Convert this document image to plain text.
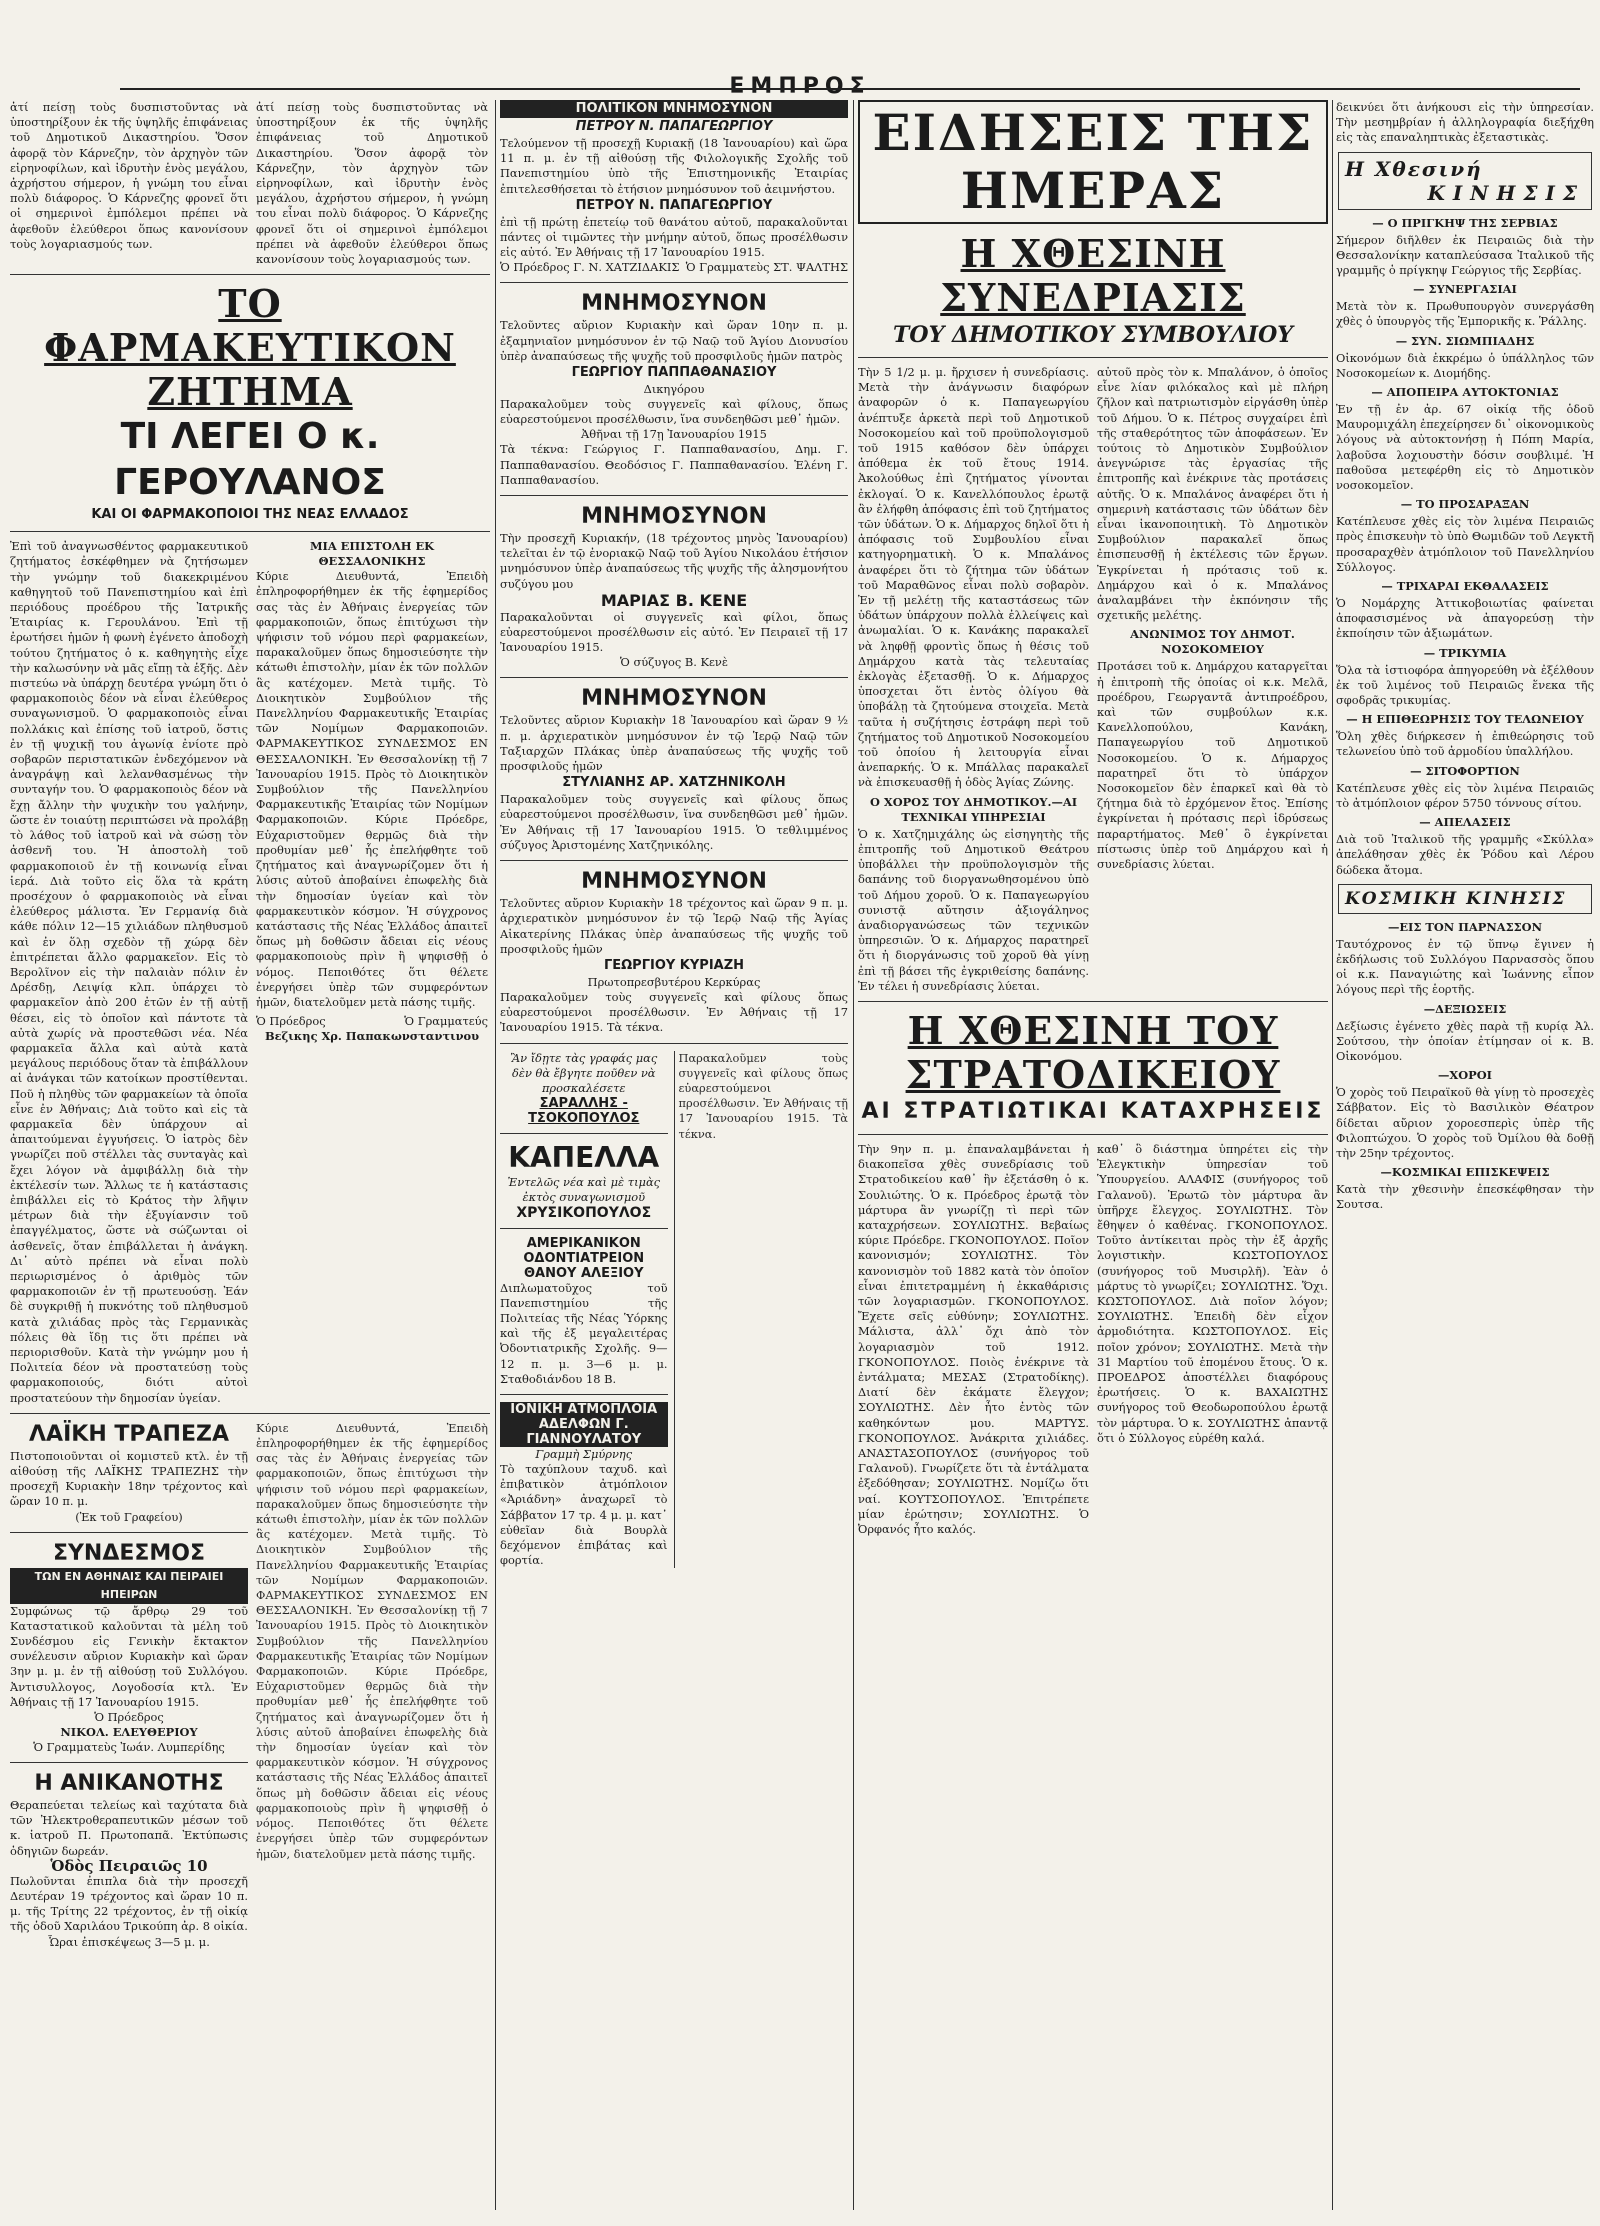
ΕΜΠΡΟΣ

ἀτί πείσῃ τοὺς δυσπιστοῦντας νὰ ὑποστηρίξουν ἐκ τῆς ὑψηλῆς ἐπιφάνειας τοῦ Δημοτικοῦ Δικαστηρίου. Ὅσον ἀφορᾷ τὸν Κάρνεζην, τὸν ἀρχηγὸν τῶν εἰρηνοφίλων, καὶ ἰδρυτὴν ἑνὸς μεγάλου, ἀχρήστου σήμερον, ἡ γνώμη του εἶναι πολὺ διάφορος. Ὁ Κάρνεζης φρονεῖ ὅτι οἱ σημερινοὶ ἐμπόλεμοι πρέπει νὰ ἀφεθοῦν ἐλεύθεροι ὅπως κανονίσουν τοὺς λογαριασμούς των.

ἀτί πείσῃ τοὺς δυσπιστοῦντας νὰ ὑποστηρίξουν ἐκ τῆς ὑψηλῆς ἐπιφάνειας τοῦ Δημοτικοῦ Δικαστηρίου. Ὅσον ἀφορᾷ τὸν Κάρνεζην, τὸν ἀρχηγὸν τῶν εἰρηνοφίλων, καὶ ἰδρυτὴν ἑνὸς μεγάλου, ἀχρήστου σήμερον, ἡ γνώμη του εἶναι πολὺ διάφορος. Ὁ Κάρνεζης φρονεῖ ὅτι οἱ σημερινοὶ ἐμπόλεμοι πρέπει νὰ ἀφεθοῦν ἐλεύθεροι ὅπως κανονίσουν τοὺς λογαριασμούς των.

ΤΟ ΦΑΡΜΑΚΕΥΤΙΚΟΝ ΖΗΤΗΜΑ
ΤΙ ΛΕΓΕΙ Ο κ. ΓΕΡΟΥΛΑΝΟΣ
ΚΑΙ ΟΙ ΦΑΡΜΑΚΟΠΟΙΟΙ ΤΗΣ ΝΕΑΣ ΕΛΛΑΔΟΣ

Ἐπὶ τοῦ ἀναγνωσθέντος φαρμακευτικοῦ ζητήματος ἐσκέφθημεν νὰ ζητήσωμεν τὴν γνώμην τοῦ διακεκριμένου καθηγητοῦ τοῦ Πανεπιστημίου καὶ ἐπὶ περιόδους προέδρου τῆς Ἰατρικῆς Ἑταιρίας κ. Γερουλάνου. Ἐπὶ τῇ ἐρωτήσει ἡμῶν ἡ φωνὴ ἐγένετο ἀποδοχὴ τούτου ζητήματος ὁ κ. καθηγητὴς εἶχε τὴν καλωσύνην νὰ μᾶς εἴπῃ τὰ ἑξῆς. Δὲν πιστεύω νὰ ὑπάρχῃ δευτέρα γνώμη ὅτι ὁ φαρμακοποιὸς δέον νὰ εἶναι ἐλεύθερος συναγωνισμοῦ. Ὁ φαρμακοποιὸς εἶναι πολλάκις καὶ ἐπίσης τοῦ ἰατροῦ, ὅστις ἐν τῇ ψυχικῇ του ἀγωνίᾳ ἐνίοτε πρὸ σοβαρῶν περιστατικῶν ἐνδεχόμενον νὰ ἀναγράψῃ καὶ λελανθασμένως τὴν συνταγήν του. Ὁ φαρμακοποιὸς δέον νὰ ἔχῃ ἄλλην τὴν ψυχικὴν του γαλήνην, ὥστε ἐν τοιαύτῃ περιπτώσει νὰ προλάβῃ τὸ λάθος τοῦ ἰατροῦ καὶ νὰ σώσῃ τὸν ἀσθενῆ του. Ἡ ἀποστολὴ τοῦ φαρμακοποιοῦ ἐν τῇ κοινωνίᾳ εἶναι ἱερά. Διὰ τοῦτο εἰς ὅλα τὰ κράτη προσέχουν ὁ φαρμακοποιὸς νὰ εἶναι ἐλεύθερος μάλιστα. Ἐν Γερμανίᾳ διὰ κάθε πόλιν 12—15 χιλιάδων πληθυσμοῦ καὶ ἐν ὅλῃ σχεδὸν τῇ χώρᾳ δὲν ἐπιτρέπεται ἄλλο φαρμακεῖον. Εἰς τὸ Βερολῖνον εἰς τὴν παλαιὰν πόλιν ἐν Δρέσδῃ, Λειψίᾳ κλπ. ὑπάρχει τὸ φαρμακεῖον ἀπὸ 200 ἐτῶν ἐν τῇ αὐτῇ θέσει, εἰς τὸ ὁποῖον καὶ πάντοτε τὰ αὐτὰ χωρίς νὰ προστεθῶσι νέα. Νέα φαρμακεῖα ἄλλα καὶ αὐτὰ κατὰ μεγάλους περιόδους ὅταν τὰ ἐπιβάλλουν αἱ ἀνάγκαι τῶν κατοίκων προστίθενται. Ποῦ ἡ πληθὺς τῶν φαρμακείων τὰ ὁποῖα εἶνε ἐν Ἀθήναις; Διὰ τοῦτο καὶ εἰς τὰ φαρμακεῖα δὲν ὑπάρχουν αἱ ἀπαιτούμεναι ἐγγυήσεις. Ὁ ἰατρὸς δὲν γνωρίζει ποῦ στέλλει τὰς συνταγὰς καὶ ἔχει λόγον νὰ ἀμφιβάλλῃ διὰ τὴν ἐκτέλεσίν των. Ἄλλως τε ἡ κατάστασις ἐπιβάλλει εἰς τὸ Κράτος τὴν λῆψιν μέτρων διὰ τὴν ἐξυγίανσιν τοῦ ἐπαγγέλματος, ὥστε νὰ σώζωνται οἱ ἀσθενεῖς, ὅταν ἐπιβάλλεται ἡ ἀνάγκη. Δι᾽ αὐτὸ πρέπει νὰ εἶναι πολὺ περιωρισμένος ὁ ἀριθμὸς τῶν φαρμακοποιῶν ἐν τῇ πρωτευούσῃ. Ἐάν δὲ συγκριθῇ ἡ πυκνότης τοῦ πληθυσμοῦ κατὰ χιλιάδας πρὸς τὰς Γερμανικὰς πόλεις θὰ ἴδῃ τις ὅτι πρέπει νὰ περιορισθοῦν. Κατὰ τὴν γνώμην μου ἡ Πολιτεία δέον νὰ προστατεύσῃ τοὺς φαρμακοποιούς, διότι αὐτοὶ προστατεύουν τὴν δημοσίαν ὑγείαν.

ΜΙΑ ΕΠΙΣΤΟΛΗ ΕΚ ΘΕΣΣΑΛΟΝΙΚΗΣ

Κύριε Διευθυντά, Ἐπειδὴ ἐπληροφορήθημεν ἐκ τῆς ἐφημερίδος σας τὰς ἐν Ἀθήναις ἐνεργείας τῶν φαρμακοποιῶν, ὅπως ἐπιτύχωσι τὴν ψήφισιν τοῦ νόμου περὶ φαρμακείων, παρακαλοῦμεν ὅπως δημοσιεύσητε τὴν κάτωθι ἐπιστολὴν, μίαν ἐκ τῶν πολλῶν ἃς κατέχομεν. Μετὰ τιμῆς. Τὸ Διοικητικὸν Συμβούλιον τῆς Πανελληνίου Φαρμακευτικῆς Ἑταιρίας τῶν Νομίμων Φαρμακοποιῶν. ΦΑΡΜΑΚΕΥΤΙΚΟΣ ΣΥΝΔΕΣΜΟΣ ΕΝ ΘΕΣΣΑΛΟΝΙΚΗ. Ἐν Θεσσαλονίκῃ τῇ 7 Ἰανουαρίου 1915. Πρὸς τὸ Διοικητικὸν Συμβούλιον τῆς Πανελληνίου Φαρμακευτικῆς Ἑταιρίας τῶν Νομίμων Φαρμακοποιῶν. Κύριε Πρόεδρε, Εὐχαριστοῦμεν θερμῶς διὰ τὴν προθυμίαν μεθ᾽ ἧς ἐπελήφθητε τοῦ ζητήματος καὶ ἀναγνωρίζομεν ὅτι ἡ λύσις αὐτοῦ ἀποβαίνει ἐπωφελὴς διὰ τὴν δημοσίαν ὑγείαν καὶ τὸν φαρμακευτικὸν κόσμον. Ἡ σύγχρονος κατάστασις τῆς Νέας Ἑλλάδος ἀπαιτεῖ ὅπως μὴ δοθῶσιν ἄδειαι εἰς νέους φαρμακοποιοὺς πρὶν ἢ ψηφισθῇ ὁ νόμος. Πεποιθότες ὅτι θέλετε ἐνεργήσει ὑπὲρ τῶν συμφερόντων ἡμῶν, διατελοῦμεν μετὰ πάσης τιμῆς.

Ὁ Πρόεδρος	Ὁ Γραμματεύς

Βεζικης Χρ. Παπακωνσταντινου

ΛΑΪΚΗ ΤΡΑΠΕΖΑ

Πιστοποιοῦνται οἱ κομιστεῦ κτλ. ἐν τῇ αἰθούσῃ τῆς ΛΑΪΚΗΣ ΤΡΑΠΕΖΗΣ τὴν προσεχῆ Κυριακὴν 18ην τρέχοντος καὶ ὥραν 10 π. μ.

(Ἐκ τοῦ Γραφείου)

ΣΥΝΔΕΣΜΟΣ
ΤΩΝ ΕΝ ΑΘΗΝΑΙΣ ΚΑΙ ΠΕΙΡΑΙΕΙ ΗΠΕΙΡΩΝ

Συμφώνως τῷ ἄρθρῳ 29 τοῦ Καταστατικοῦ καλοῦνται τὰ μέλη τοῦ Συνδέσμου εἰς Γενικὴν ἔκτακτον συνέλευσιν αὔριον Κυριακὴν καὶ ὥραν 3ην μ. μ. ἐν τῇ αἰθούσῃ τοῦ Συλλόγου. Ἀντισυλλογος, Λογοδοσία κτλ. Ἐν Ἀθήναις τῇ 17 Ἰανουαρίου 1915.

Ὁ Πρόεδρος

ΝΙΚΟΛ. ΕΛΕΥΘΕΡΙΟΥ

Ὁ Γραμματεὺς Ἰωάν. Λυμπερίδης

Η ΑΝΙΚΑΝΟΤΗΣ

Θεραπεύεται τελείως καὶ ταχύτατα διὰ τῶν Ἠλεκτροθεραπευτικῶν μέσων τοῦ κ. ἰατροῦ Π. Πρωτοπαπᾶ. Ἐκτύπωσις ὁδηγιῶν δωρεάν.

Ὁδὸς Πειραιῶς 10

Πωλοῦνται ἐπιπλα διὰ τὴν προσεχῆ Δευτέραν 19 τρέχοντος καὶ ὥραν 10 π. μ. τῆς Τρίτης 22 τρέχοντος, ἐν τῇ οἰκίᾳ τῆς ὁδοῦ Χαριλάου Τρικούπη ἀρ. 8 οἰκία.

Ὧραι ἐπισκέψεως 3—5 μ. μ.

Κύριε Διευθυντά, Ἐπειδὴ ἐπληροφορήθημεν ἐκ τῆς ἐφημερίδος σας τὰς ἐν Ἀθήναις ἐνεργείας τῶν φαρμακοποιῶν, ὅπως ἐπιτύχωσι τὴν ψήφισιν τοῦ νόμου περὶ φαρμακείων, παρακαλοῦμεν ὅπως δημοσιεύσητε τὴν κάτωθι ἐπιστολὴν, μίαν ἐκ τῶν πολλῶν ἃς κατέχομεν. Μετὰ τιμῆς. Τὸ Διοικητικὸν Συμβούλιον τῆς Πανελληνίου Φαρμακευτικῆς Ἑταιρίας τῶν Νομίμων Φαρμακοποιῶν. ΦΑΡΜΑΚΕΥΤΙΚΟΣ ΣΥΝΔΕΣΜΟΣ ΕΝ ΘΕΣΣΑΛΟΝΙΚΗ. Ἐν Θεσσαλονίκῃ τῇ 7 Ἰανουαρίου 1915. Πρὸς τὸ Διοικητικὸν Συμβούλιον τῆς Πανελληνίου Φαρμακευτικῆς Ἑταιρίας τῶν Νομίμων Φαρμακοποιῶν. Κύριε Πρόεδρε, Εὐχαριστοῦμεν θερμῶς διὰ τὴν προθυμίαν μεθ᾽ ἧς ἐπελήφθητε τοῦ ζητήματος καὶ ἀναγνωρίζομεν ὅτι ἡ λύσις αὐτοῦ ἀποβαίνει ἐπωφελὴς διὰ τὴν δημοσίαν ὑγείαν καὶ τὸν φαρμακευτικὸν κόσμον. Ἡ σύγχρονος κατάστασις τῆς Νέας Ἑλλάδος ἀπαιτεῖ ὅπως μὴ δοθῶσιν ἄδειαι εἰς νέους φαρμακοποιοὺς πρὶν ἢ ψηφισθῇ ὁ νόμος. Πεποιθότες ὅτι θέλετε ἐνεργήσει ὑπὲρ τῶν συμφερόντων ἡμῶν, διατελοῦμεν μετὰ πάσης τιμῆς.

ΠΟΛΙΤΙΚΟΝ ΜΝΗΜΟΣΥΝΟΝ
ΠΕΤΡΟΥ Ν. ΠΑΠΑΓΕΩΡΓΙΟΥ

Τελούμενον τῇ προσεχῇ Κυριακῇ (18 Ἰανουαρίου) καὶ ὥρα 11 π. μ. ἐν τῇ αἰθούσῃ τῆς Φιλολογικῆς Σχολῆς τοῦ Πανεπιστημίου ὑπὸ τῆς Ἐπιστημονικῆς Ἑταιρίας ἐπιτελεσθήσεται τὸ ἐτήσιον μνημόσυνον τοῦ ἀειμνήστου.

ΠΕΤΡΟΥ Ν. ΠΑΠΑΓΕΩΡΓΙΟΥ

ἐπὶ τῇ πρώτῃ ἐπετείῳ τοῦ θανάτου αὐτοῦ, παρακαλοῦνται πάντες οἱ τιμῶντες τὴν μνήμην αὐτοῦ, ὅπως προσέλθωσιν εἰς αὐτό. Ἐν Ἀθήναις τῇ 17 Ἰανουαρίου 1915.

Ὁ Πρόεδρος Γ. Ν. ΧΑΤΖΙΔΑΚΙΣ Ὁ Γραμματεὺς ΣΤ. ΨΑΛΤΗΣ
ΜΝΗΜΟΣΥΝΟΝ

Τελοῦντες αὔριον Κυριακὴν καὶ ὥραν 10ην π. μ. ἐξαμηνιαῖον μνημόσυνον ἐν τῷ Ναῷ τοῦ Ἁγίου Διονυσίου ὑπὲρ ἀναπαύσεως τῆς ψυχῆς τοῦ προσφιλοῦς ἡμῶν πατρὸς

ΓΕΩΡΓΙΟΥ ΠΑΠΠΑΘΑΝΑΣΙΟΥ

Δικηγόρου

Παρακαλοῦμεν τοὺς συγγενεῖς καὶ φίλους, ὅπως εὐαρεστούμενοι προσέλθωσιν, ἵνα συνδεηθῶσι μεθ᾽ ἡμῶν.

Ἀθῆναι τῇ 17ῃ Ἰανουαρίου 1915

Τὰ τέκνα: Γεώργιος Γ. Παππαθανασίου, Δημ. Γ. Παππαθανασίου. Θεοδόσιος Γ. Παππαθανασίου. Ἑλένη Γ. Παππαθανασίου.

ΜΝΗΜΟΣΥΝΟΝ

Τὴν προσεχῆ Κυριακήν, (18 τρέχοντος μηνὸς Ἰανουαρίου) τελεῖται ἐν τῷ ἐνοριακῷ Ναῷ τοῦ Ἁγίου Νικολάου ἐτήσιον μνημόσυνον ὑπὲρ ἀναπαύσεως τῆς ψυχῆς τῆς ἀλησμονήτου συζύγου μου

ΜΑΡΙΑΣ Β. ΚΕΝΕ

Παρακαλοῦνται οἱ συγγενεῖς καὶ φίλοι, ὅπως εὐαρεστούμενοι προσέλθωσιν εἰς αὐτό. Ἐν Πειραιεῖ τῇ 17 Ἰανουαρίου 1915.

Ὁ σύζυγος Β. Κενὲ

ΜΝΗΜΟΣΥΝΟΝ

Τελοῦντες αὔριον Κυριακὴν 18 Ἰανουαρίου καὶ ὥραν 9 ½ π. μ. ἀρχιερατικὸν μνημόσυνον ἐν τῷ Ἱερῷ Ναῷ τῶν Ταξιαρχῶν Πλάκας ὑπὲρ ἀναπαύσεως τῆς ψυχῆς τοῦ προσφιλοῦς ἡμῶν

ΣΤΥΛΙΑΝΗΣ ΑΡ. ΧΑΤΖΗΝΙΚΟΛΗ

Παρακαλοῦμεν τοὺς συγγενεῖς καὶ φίλους ὅπως εὐαρεστούμενοι προσέλθωσιν, ἵνα συνδεηθῶσι μεθ᾽ ἡμῶν. Ἐν Ἀθήναις τῇ 17 Ἰανουαρίου 1915. Ὁ τεθλιμμένος σύζυγος Ἀριστομένης Χατζηνικόλης.

ΜΝΗΜΟΣΥΝΟΝ

Τελοῦντες αὔριον Κυριακὴν 18 τρέχοντος καὶ ὥραν 9 π. μ. ἀρχιερατικὸν μνημόσυνον ἐν τῷ Ἱερῷ Ναῷ τῆς Ἁγίας Αἰκατερίνης Πλάκας ὑπὲρ ἀναπαύσεως τῆς ψυχῆς τοῦ προσφιλοῦς ἡμῶν

ΓΕΩΡΓΙΟΥ ΚΥΡΙΑΖΗ

Πρωτοπρεσβυτέρου Κερκύρας

Παρακαλοῦμεν τοὺς συγγενεῖς καὶ φίλους ὅπως εὐαρεστούμενοι προσέλθωσιν. Ἐν Ἀθήναις τῇ 17 Ἰανουαρίου 1915. Τὰ τέκνα.

Ἂν ἴδῃτε τὰς γραφάς μας δὲν θὰ ἔβγητε ποῦθεν νὰ προσκαλέσετε

ΣΑΡΑΛΛΗΣ - ΤΣΟΚΟΠΟΥΛΟΣ
ΚΑΠΕΛΛΑ

Ἐντελῶς νέα καὶ μὲ τιμὰς ἐκτὸς συναγωνισμοῦ

ΧΡΥΣΙΚΟΠΟΥΛΟΣ
ΑΜΕΡΙΚΑΝΙΚΟΝ ΟΔΟΝΤΙΑΤΡΕΙΟΝ ΘΑΝΟΥ ΑΛΕΞΙΟΥ

Διπλωματοῦχος τοῦ Πανεπιστημίου τῆς Πολιτείας τῆς Νέας Ὑόρκης καὶ τῆς ἐξ μεγαλειτέρας Ὀδοντιατρικῆς Σχολῆς. 9—12 π. μ. 3—6 μ. μ. Σταθοδιάνδου 18 Β.

ΙΟΝΙΚΗ ΑΤΜΟΠΛΟΪΑ ΑΔΕΛΦΩΝ Γ. ΓΙΑΝΝΟΥΛΑΤΟΥ

Γραμμὴ Σμύρνης

Τὸ ταχύπλουν ταχυδ. καὶ ἐπιβατικὸν ἀτμόπλοιον «Ἀριάδνη» ἀναχωρεῖ τὸ Σάββατον 17 τρ. 4 μ. μ. κατ᾽ εὐθεῖαν διὰ Βουρλὰ δεχόμενον ἐπιβάτας καὶ φορτία.

Παρακαλοῦμεν τοὺς συγγενεῖς καὶ φίλους ὅπως εὐαρεστούμενοι προσέλθωσιν. Ἐν Ἀθήναις τῇ 17 Ἰανουαρίου 1915. Τὰ τέκνα.

ΕΙΔΗΣΕΙΣ ΤΗΣ ΗΜΕΡΑΣ
Η ΧΘΕΣΙΝΗ ΣΥΝΕΔΡΙΑΣΙΣ
ΤΟΥ ΔΗΜΟΤΙΚΟΥ ΣΥΜΒΟΥΛΙΟΥ

Τὴν 5 1/2 μ. μ. ἤρχισεν ἡ συνεδρίασις. Μετὰ τὴν ἀνάγνωσιν διαφόρων ἀναφορῶν ὁ κ. Παπαγεωργίου ἀνέπτυξε ἀρκετὰ περὶ τοῦ Δημοτικοῦ Νοσοκομείου καὶ τοῦ προϋπολογισμοῦ τοῦ 1915 καθόσον δὲν ὑπάρχει ἀπόθεμα ἐκ τοῦ ἔτους 1914. Ἀκολούθως ἐπὶ ζητήματος γίνονται ἐκλογαί. Ὁ κ. Κανελλόπουλος ἐρωτᾷ ἂν ἐλήφθη ἀπόφασις ἐπὶ τοῦ ζητήματος τῶν ὑδάτων. Ὁ κ. Δήμαρχος δηλοῖ ὅτι ἡ ἀπόφασις τοῦ Συμβουλίου εἶναι κατηγορηματικὴ. Ὁ κ. Μπαλάνος ἀναφέρει ὅτι τὸ ζήτημα τῶν ὑδάτων τοῦ Μαραθῶνος εἶναι πολὺ σοβαρὸν. Ἐν τῇ μελέτῃ τῆς καταστάσεως τῶν ὑδάτων ὑπάρχουν πολλὰ ἐλλείψεις καὶ ἀνωμαλίαι. Ὁ κ. Κανάκης παρακαλεῖ νὰ ληφθῇ φροντὶς ὅπως ἡ θέσις τοῦ Δημάρχου κατὰ τὰς τελευταίας ἐκλογὰς ἐξετασθῇ. Ὁ κ. Δήμαρχος ὑποσχεται ὅτι ἐντὸς ὀλίγου θὰ ὑποβάλῃ τὰ ζητούμενα στοιχεῖα. Μετὰ ταῦτα ἡ συζήτησις ἐστράφη περὶ τοῦ ζητήματος τοῦ Δημοτικοῦ Νοσοκομείου τοῦ ὁποίου ἡ λειτουργία εἶναι ἀνεπαρκής. Ὁ κ. Μπάλλας παρακαλεῖ νὰ ἐπισκευασθῇ ἡ ὁδὸς Ἁγίας Ζώνης.

Ο ΧΟΡΟΣ ΤΟΥ ΔΗΜΟΤΙΚΟΥ.—ΑΙ ΤΕΧΝΙΚΑΙ ΥΠΗΡΕΣΙΑΙ

Ὁ κ. Χατζημιχάλης ὡς εἰσηγητὴς τῆς ἐπιτροπῆς τοῦ Δημοτικοῦ Θεάτρου ὑποβάλλει τὴν προϋπολογισμὸν τῆς δαπάνης τοῦ διοργανωθησομένου ὑπὸ τοῦ Δήμου χοροῦ. Ὁ κ. Παπαγεωργίου συνιστᾷ αὔτησιν ἀξιογάληνος ἀναδιοργανώσεως τῶν τεχνικῶν ὑπηρεσιῶν. Ὁ κ. Δήμαρχος παρατηρεῖ ὅτι ἡ διοργάνωσις τοῦ χοροῦ θὰ γίνῃ ἐπὶ τῇ βάσει τῆς ἐγκριθείσης δαπάνης. Ἐν τέλει ἡ συνεδρίασις λύεται.

αὐτοῦ πρὸς τὸν κ. Μπαλάνον, ὁ ὁποῖος εἶνε λίαν φιλόκαλος καὶ μὲ πλήρη ζῆλον καὶ πατριωτισμὸν εἰργάσθη ὑπὲρ τοῦ Δήμου. Ὁ κ. Πέτρος συγχαίρει ἐπὶ τῆς σταθερότητος τῶν ἀποφάσεων. Ἐν τούτοις τὸ Δημοτικὸν Συμβούλιον ἀνεγνώρισε τὰς ἐργασίας τῆς ἐπιτροπῆς καὶ ἐνέκρινε τὰς προτάσεις αὐτῆς. Ὁ κ. Μπαλάνος ἀναφέρει ὅτι ἡ σημερινὴ κατάστασις τῶν ὑδάτων δὲν εἶναι ἱκανοποιητικὴ. Τὸ Δημοτικὸν Συμβούλιον παρακαλεῖ ὅπως ἐπισπευσθῇ ἡ ἐκτέλεσις τῶν ἔργων. Ἐγκρίνεται ἡ πρότασις τοῦ κ. Δημάρχου καὶ ὁ κ. Μπαλάνος ἀναλαμβάνει τὴν ἐκπόνησιν τῆς σχετικῆς μελέτης.

ΑΝΩΝΙΜΟΣ ΤΟΥ ΔΗΜΟΤ. ΝΟΣΟΚΟΜΕΙΟΥ

Προτάσει τοῦ κ. Δημάρχου καταργεῖται ἡ ἐπιτροπὴ τῆς ὁποίας οἱ κ.κ. Μελᾶ, προέδρου, Γεωργαντᾶ ἀντιπροέδρου, καὶ τῶν συμβούλων κ.κ. Κανελλοπούλου, Κανάκη, Παπαγεωργίου τοῦ Δημοτικοῦ Νοσοκομείου. Ὁ κ. Δήμαρχος παρατηρεῖ ὅτι τὸ ὑπάρχον Νοσοκομεῖον δὲν ἐπαρκεῖ καὶ θὰ τὸ ζήτημα διὰ τὸ ἐρχόμενον ἔτος. Ἐπίσης ἐγκρίνεται ἡ πρότασις περὶ ἱδρύσεως παραρτήματος. Μεθ᾽ ὃ ἐγκρίνεται πίστωσις ὑπὲρ τοῦ Δημάρχου καὶ ἡ συνεδρίασις λύεται.

Η ΧΘΕΣΙΝΗ ΤΟΥ ΣΤΡΑΤΟΔΙΚΕΙΟΥ
ΑΙ ΣΤΡΑΤΙΩΤΙΚΑΙ ΚΑΤΑΧΡΗΣΕΙΣ

Τὴν 9ην π. μ. ἐπαναλαμβάνεται ἡ διακοπεῖσα χθὲς συνεδρίασις τοῦ Στρατοδικείου καθ᾽ ἣν ἐξετάσθη ὁ κ. Σουλιώτης. Ὁ κ. Πρόεδρος ἐρωτᾷ τὸν μάρτυρα ἂν γνωρίζῃ τὶ περὶ τῶν καταχρήσεων. ΣΟΥΛΙΩΤΗΣ. Βεβαίως κύριε Πρόεδρε. ΓΚΟΝΟΠΟΥΛΟΣ. Ποῖον κανονισμόν; ΣΟΥΛΙΩΤΗΣ. Τὸν κανονισμὸν τοῦ 1882 κατὰ τὸν ὁποῖον εἶναι ἐπιτετραμμένη ἡ ἐκκαθάρισις τῶν λογαριασμῶν. ΓΚΟΝΟΠΟΥΛΟΣ. Ἔχετε σεῖς εὐθύνην; ΣΟΥΛΙΩΤΗΣ. Μάλιστα, ἀλλ᾽ ὄχι ἀπὸ τὸν λογαριασμὸν τοῦ 1912. ΓΚΟΝΟΠΟΥΛΟΣ. Ποιὸς ἐνέκρινε τὰ ἐντάλματα; ΜΕΣΑΣ (Στρατοδίκης). Διατί δὲν ἐκάματε ἔλεγχον; ΣΟΥΛΙΩΤΗΣ. Δὲν ἦτο ἐντὸς τῶν καθηκόντων μου. ΜΑΡΤΥΣ. ΓΚΟΝΟΠΟΥΛΟΣ. Ἀνάκριτα χιλιάδες. ΑΝΑΣΤΑΣΟΠΟΥΛΟΣ (συνήγορος τοῦ Γαλανοῦ). Γνωρίζετε ὅτι τὰ ἐντάλματα ἐξεδόθησαν; ΣΟΥΛΙΩΤΗΣ. Νομίζω ὅτι ναί. ΚΟΥΤΣΟΠΟΥΛΟΣ. Ἐπιτρέπετε μίαν ἐρώτησιν; ΣΟΥΛΙΩΤΗΣ. Ὁ Ὀρφανός ἦτο καλός.

καθ᾽ ὃ διάστημα ὑπηρέτει εἰς τὴν Ἐλεγκτικὴν ὑπηρεσίαν τοῦ Ὑπουργείου. ΑΛΑΦΙΣ (συνήγορος τοῦ Γαλανοῦ). Ἐρωτῶ τὸν μάρτυρα ἂν ὑπῆρχε ἔλεγχος. ΣΟΥΛΙΩΤΗΣ. Τὸν ἔθηψεν ὁ καθένας. ΓΚΟΝΟΠΟΥΛΟΣ. Τοῦτο ἀντίκειται πρὸς τὴν ἐξ ἀρχῆς λογιστικὴν. ΚΩΣΤΟΠΟΥΛΟΣ (συνήγορος τοῦ Μυσιρλῆ). Ἐὰν ὁ μάρτυς τὸ γνωρίζει; ΣΟΥΛΙΩΤΗΣ. Ὅχι. ΚΩΣΤΟΠΟΥΛΟΣ. Διὰ ποῖον λόγον; ΣΟΥΛΙΩΤΗΣ. Ἐπειδὴ δὲν εἶχον ἀρμοδιότητα. ΚΩΣΤΟΠΟΥΛΟΣ. Εἰς ποῖον χρόνον; ΣΟΥΛΙΩΤΗΣ. Μετὰ τὴν 31 Μαρτίου τοῦ ἐπομένου ἔτους. Ὁ κ. ΠΡΟΕΔΡΟΣ ἀποστέλλει διαφόρους ἐρωτήσεις. Ὁ κ. ΒΑΧΑΙΩΤΗΣ συνήγορος τοῦ Θεοδωροπούλου ἐρωτᾷ τὸν μάρτυρα. Ὁ κ. ΣΟΥΛΙΩΤΗΣ ἀπαντᾷ ὅτι ὁ Σύλλογος εὐρέθη καλά.

δεικνύει ὅτι ἀνήκουσι εἰς τὴν ὑπηρεσίαν. Τὴν μεσημβρίαν ἡ ἀλληλογραφία διεξήχθη εἰς τὰς επαναληπτικὰς ἐξεταστικὰς.

Η Χθεσινή
ΚΙΝΗΣΙΣ

— Ο ΠΡΙΓΚΗΨ ΤΗΣ ΣΕΡΒΙΑΣ

Σήμερον διῆλθεν ἐκ Πειραιῶς διὰ τὴν Θεσσαλονίκην καταπλεύσασα Ἰταλικοῦ τῆς γραμμῆς ὁ πρίγκηψ Γεώργιος τῆς Σερβίας.

— ΣΥΝΕΡΓΑΣΙΑΙ

Μετὰ τὸν κ. Πρωθυπουργὸν συνεργάσθη χθὲς ὁ ὑπουργὸς τῆς Ἐμπορικῆς κ. Ῥάλλης.

— ΣΥΝ. ΣΙΩΜΠΙΑΔΗΣ

Οἰκονόμων διὰ ἐκκρέμω ὁ ὑπάλληλος τῶν Νοσοκομείων κ. Διομήδης.

— ΑΠΟΠΕΙΡΑ ΑΥΤΟΚΤΟΝΙΑΣ

Ἐν τῇ ἐν ἀρ. 67 οἰκίᾳ τῆς ὁδοῦ Μαυρομιχάλη ἐπεχείρησεν δι᾽ οἰκονομικοὺς λόγους νὰ αὐτοκτονήσῃ ἡ Πόπη Μαρία, λαβοῦσα λοχιουστὴν δόσιν σουβλιμέ. Ἡ παθοῦσα μετεφέρθη εἰς τὸ Δημοτικὸν νοσοκομεῖον.

— ΤΟ ΠΡΟΣΑΡΑΞΑΝ

Κατέπλευσε χθὲς εἰς τὸν λιμένα Πειραιῶς πρὸς ἐπισκευὴν τὸ ὑπὸ Θωμιδῶν τοῦ Λεγκτῆ προσαραχθὲν ἀτμόπλοιον τοῦ Πανελληνίου Σύλλογος.

— ΤΡΙΧΑΡΑΙ ΕΚΘΑΛΑΣΕΙΣ

Ὁ Νομάρχης Ἀττικοβοιωτίας φαίνεται ἀποφασισμένος νὰ ἀπαγορεύσῃ τὴν ἐκποίησιν τῶν ἀξιωμάτων.

— ΤΡΙΚΥΜΙΑ

Ὅλα τὰ ἱστιοφόρα ἀπηγορεύθη νὰ ἐξέλθουν ἐκ τοῦ λιμένος τοῦ Πειραιῶς ἕνεκα τῆς σφοδρᾶς τρικυμίας.

— Η ΕΠΙΘΕΩΡΗΣΙΣ ΤΟΥ ΤΕΛΩΝΕΙΟΥ

Ὅλη χθὲς διήρκεσεν ἡ ἐπιθεώρησις τοῦ τελωνείου ὑπὸ τοῦ ἀρμοδίου ὑπαλλήλου.

— ΣΙΤΟΦΟΡΤΙΟΝ

Κατέπλευσε χθὲς εἰς τὸν λιμένα Πειραιῶς τὸ ἀτμόπλοιον φέρον 5750 τόννους σίτου.

— ΑΠΕΛΑΣΕΙΣ

Διὰ τοῦ Ἰταλικοῦ τῆς γραμμῆς «Σκύλλα» ἀπελάθησαν χθὲς ἐκ Ῥόδου καὶ Λέρου δώδεκα ἄτομα.

ΚΟΣΜΙΚΗ ΚΙΝΗΣΙΣ

—ΕΙΣ ΤΟΝ ΠΑΡΝΑΣΣΟΝ

Ταυτόχρονος ἐν τῷ ὕπνῳ ἔγινεν ἡ ἐκδήλωσις τοῦ Συλλόγου Παρνασσὸς ὅπου οἱ κ.κ. Παναγιώτης καὶ Ἰωάννης εἶπον λόγους περὶ τῆς ἑορτῆς.

—ΔΕΞΙΩΣΕΙΣ

Δεξίωσις ἐγένετο χθὲς παρὰ τῇ κυρίᾳ Ἀλ. Σούτσου, τὴν ὁποίαν ἐτίμησαν οἱ κ. Β. Οἰκονόμου.

—ΧΟΡΟΙ

Ὁ χορὸς τοῦ Πειραϊκοῦ θὰ γίνῃ τὸ προσεχὲς Σάββατον. Εἰς τὸ Βασιλικὸν Θέατρον δίδεται αὔριον χοροεσπερὶς ὑπὲρ τῆς Φιλοπτώχου. Ὁ χορὸς τοῦ Ὀμίλου θὰ δοθῇ τὴν 25ην τρέχοντος.

—ΚΟΣΜΙΚΑΙ ΕΠΙΣΚΕΨΕΙΣ

Κατὰ τὴν χθεσινὴν ἐπεσκέφθησαν τὴν Σουτσα.
